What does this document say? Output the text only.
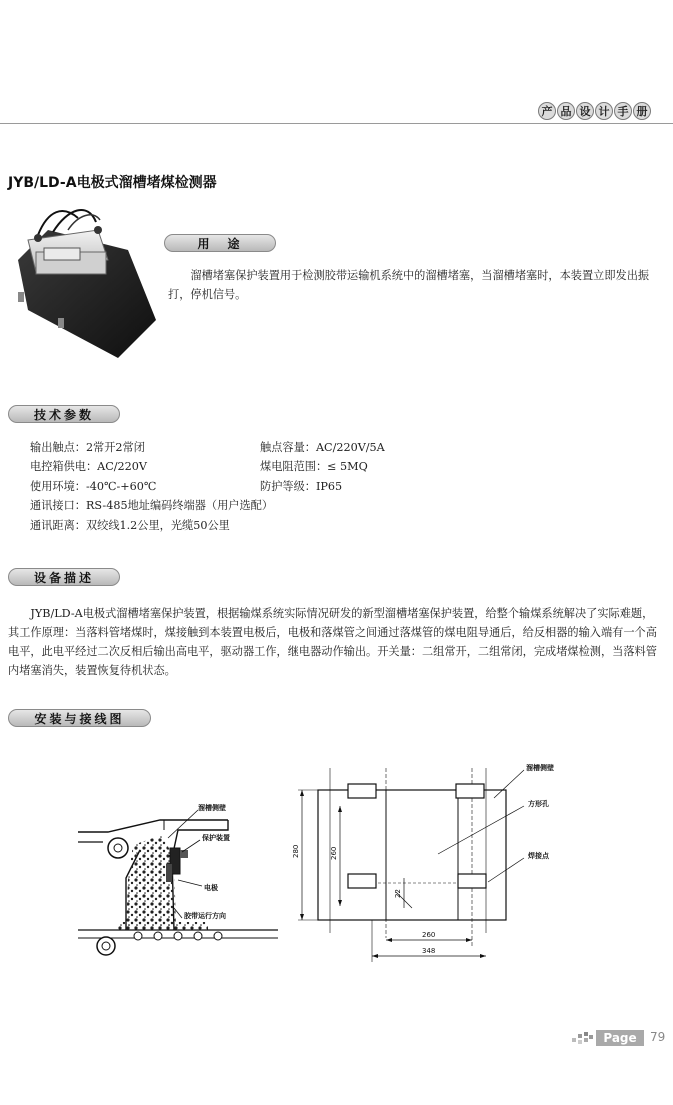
产 品 设 计 手 册
JYB/LD-A电极式溜槽堵煤检测器
用　途
溜槽堵塞保护装置用于检测胶带运输机系统中的溜槽堵塞，当溜槽堵塞时，本装置立即发出振打，停机信号。
技术参数
输出触点：2常开2常闭
电控箱供电：AC/220V
使用环境：-40℃-+60℃
通讯接口：RS-485地址编码终端器（用户选配）
通讯距离：双绞线1.2公里，光缆50公里
触点容量：AC/220V/5A
煤电阻范围：≤ 5MQ
防护等级：IP65
设备描述
JYB/LD-A电极式溜槽堵塞保护装置，根据输煤系统实际情况研发的新型溜槽堵塞保护装置，给整个输煤系统解决了实际难题，其工作原理：当落料管堵煤时，煤接触到本装置电极后，电极和落煤管之间通过落煤管的煤电阻导通后，给反相器的输入端有一个高电平，此电平经过二次反相后输出高电平，驱动器工作，继电器动作输出。开关量：二组常开，二组常闭，完成堵煤检测，当落料管内堵塞消失，装置恢复待机状态。
安装与接线图
溜槽侧壁
保护装置
电极
胶带运行方向
280	260
22
260
348
溜槽侧壁
方形孔
焊接点
Page	79
